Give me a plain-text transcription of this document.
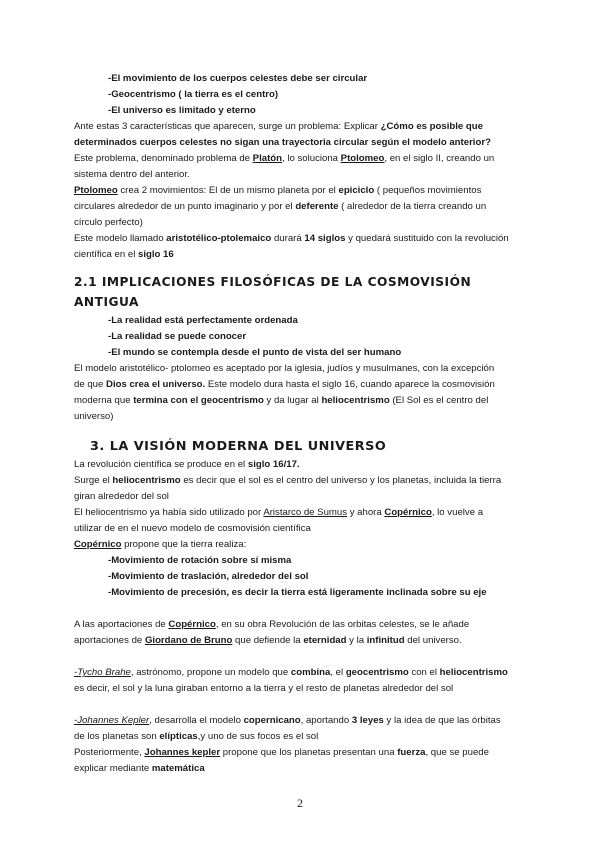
-El movimiento de los cuerpos celestes debe ser circular
-Geocentrismo ( la tierra es el centro)
-El universo es limitado y eterno
Ante estas 3 características que aparecen, surge un problema: Explicar ¿Cómo es posible que
determinados cuerpos celestes no sigan una trayectoria circular según el modelo anterior?
Este problema, denominado problema de Platón, lo soluciona Ptolomeo, en el siglo II, creando un
sistema dentro del anterior.
Ptolomeo crea 2 movimientos: El de un mismo planeta por el epiciclo ( pequeños movimientos
circulares alrededor de un punto imaginario y por el deferente ( alrededor de la tierra creando un
círculo perfecto)
Este modelo llamado aristotélico-ptolemaico durará 14 siglos y quedará sustituido con la revolución
científica en el siglo 16
2.1 IMPLICACIONES FILOSÓFICAS DE LA COSMOVISIÓN ANTIGUA
-La realidad está perfectamente ordenada
-La realidad se puede conocer
-El mundo se contempla desde el punto de vista del ser humano
El modelo aristotélico- ptolomeo es aceptado por la iglesia, judíos y musulmanes, con la excepción
de que Dios crea el universo. Este modelo dura hasta el siglo 16, cuando aparece la cosmovisión
moderna que termina con el geocentrismo y da lugar al heliocentrismo (El Sol es el centro del
universo)
3. LA VISIÓN MODERNA DEL UNIVERSO
La revolución científica se produce en el siglo 16/17.
Surge el heliocentrismo es decir que el sol es el centro del universo y los planetas, incluida la tierra
giran alrededor del sol
El heliocentrismo ya había sido utilizado por Aristarco de Sumus y ahora Copérnico, lo vuelve a
utilizar de en el nuevo modelo de cosmovisión científica
Copérnico propone que la tierra realiza:
-Movimiento de rotación sobre sí misma
-Movimiento de traslación, alrededor del sol
-Movimiento de precesión, es decir la tierra está ligeramente inclinada sobre su eje
A las aportaciones de Copérnico, en su obra Revolución de las orbitas celestes, se le añade
aportaciones de Giordano de Bruno que defiende la eternidad y la infinitud del universo.
-Tycho Brahe, astrónomo, propone un modelo que combina, el geocentrismo con el heliocentrismo
es decir, el sol y la luna giraban entorno a la tierra y el resto de planetas alrededor del sol
-Johannes Kepler, desarrolla el modelo copernicano, aportando 3 leyes y la idea de que las órbitas
de los planetas son elípticas,y uno de sus focos es el sol
Posteriormente, Johannes kepler propone que los planetas presentan una fuerza, que se puede
explicar mediante matemática
2
